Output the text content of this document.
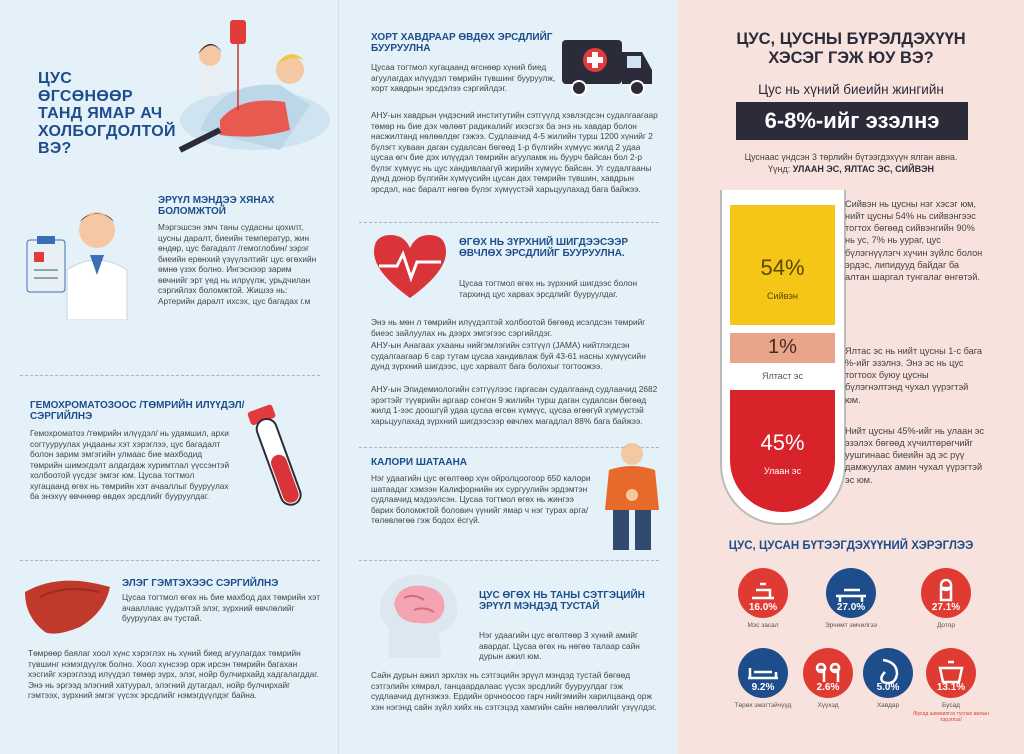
ЦУС ӨГСӨНӨӨР ТАНД ЯМАР АЧ ХОЛБОГДОЛТОЙ ВЭ?
ЭРҮҮЛ МЭНДЭЭ ХЯНАХ БОЛОМЖТОЙ
Мэргэшсэн эмч таны судасны цохилт, цусны даралт, биеийн температур, жин өндөр, цус багадалт /гемоглобин/ зэрэг биеийн ерөнхий үзүүлэлтийг цус өгөхийн өмнө үзэх болно. Ингэснээр зарим өвчнийг эрт үед нь илрүүлж, урьдчилан сэргийлэх боломжтой. Жишээ нь: Артерийн даралт ихсэх, цус багадах г.м
ГЕМОХРОМАТОЗООС /ТӨМРИЙН ИЛҮҮДЭЛ/ СЭРГИЙЛНЭ
Гемохроматоз /төмрийн илүүдэл/ нь удамшил, архи согтууруулах ундааны хэт хэрэглээ, цус багадалт болон зарим эмгэгийн улмаас бие махбодид төмрийн шимэгдэлт алдагдаж хуримтлал үүссэнтэй холбоотой үүсдэг эмгэг юм. Цусаа тогтмол хугацаанд өгөх нь төмрийн хэт ачааллыг бууруулах ба энэхүү өвчнөөр өвдөх эрсдлийг бууруулдаг.
ЭЛЭГ ГЭМТЭХЭЭС СЭРГИЙЛНЭ
Цусаа тогтмол өгөх нь бие махбод дах төмрийн хэт ачааллаас үүдэлтэй элэг, зүрхний өвчлөлийг бууруулах ач тустай.
Төмрөөр баялаг хоол хүнс хэрэглэх нь хүний биед агуулагдах төмрийн түвшинг нэмэгдүүлж болно. Хоол хүнсээр орж ирсэн төмрийн багахан хэсгийг хэрэглээд илүүдэл төмөр зүрх, элэг, нойр булчирхайд хадгалагддаг. Энэ нь эргээд элэгний хатуурал, элэгний дутагдал, нойр булчирхайг гэмтээх, зүрхний эмгэг үүсэх эрсдлийг нэмэгдүүлдэг байна.
ХОРТ ХАВДРААР ӨВДӨХ ЭРСДЛИЙГ БУУРУУЛНА
Цусаа тогтмол хугацаанд өгснөөр хүний биед агуулагдах илүүдэл төмрийн түвшинг бууруулж, хорт хавдрын эрсдэлээ сэргийлдэг.
АНУ-ын хавдрын үндэсний институтийн сэтгүүлд хэвлэгдсэн судалгаагаар төмөр нь бие дэх чөлөөт радикалийг ихэсгэх ба энэ нь хавдар болон насжилтанд нөлөөлдөг гэжээ. Судлаачид 4-5 жилийн турш 1200 хүнийг 2 бүлэгт хуваан даган судалсан бөгөөд 1-р бүлгийн хүмүүс жилд 2 удаа цусаа өгч бие дэх илүүдэл төмрийн агууламж нь буурч байсан бол 2-р бүлэг хүмүүс нь цус хандивлаагүй жирийн хүмүүс байсан. Уг судалгааны дүнд донор бүлгийн хүмүүсийн цусан дах төмрийн түвшин, хавдрын эрсдэл, нас баралт нөгөө бүлэг хүмүүстэй харьцуулахад бага байжээ.
ӨГӨХ НЬ ЗҮРХНИЙ ШИГДЭЭСЭЭР ӨВЧЛӨХ ЭРСДЛИЙГ БУУРУУЛНА.
Цусаа тогтмол өгөх нь зүрхний шигдээс болон тархинд цус харвах эрсдлийг бууруулдаг.
Энэ нь мөн л төмрийн илүүдэлтэй холбоотой бөгөөд исэлдсэн төмрийг биеэс зайлуулах нь дээрх эмгэгээс сэргийлдэг.
АНУ-ын Анагаах ухааны нийгэмлэгийн сэтгүүл (JAMA) нийтлэгдсэн судалгаагаар 6 сар тутам цусаа хандивлаж буй 43-61 насны хүмүүсийн дунд зүрхний шигдээс, цус харвалт бага болохыг тогтоожээ.
АНУ-ын Эпидемиологийн сэтгүүлээс гаргасан судалгаанд судлаачид 2682 эрэгтэйг түүврийн аргаар сонгон 9 жилийн турш даган судалсан бөгөөд жилд 1-ээс доошгүй удаа цусаа өгсөн хүмүүс, цусаа өгөөгүй хүмүүстэй харьцуулахад зүрхний шигдээсээр өвчлөх магадлал 88% бага байжээ.
КАЛОРИ ШАТААНА
Нэг удаагийн цус өгөлтөөр хүн ойролцоогоор 650 калори шатаадаг хэмээн Калифорнийн их сургуулийн эрдэмтэн судлаачид мэдээлсэн. Цусаа тогтмол өгөх нь жингээ барих боломжтой болович үүнийг ямар ч нэг турах арга/ төлөвлөгөө гэж бодох ёсгүй.
ЦУС ӨГӨХ НЬ ТАНЫ СЭТГЭЦИЙН ЭРҮҮЛ МЭНДЭД ТУСТАЙ
Нэг удаагийн цус өгөлтөөр 3 хүний амийг авардаг. Цусаа өгөх нь нөгөө талаар сайн дурын ажил юм.
Сайн дурын ажил эрхлэх нь сэтгэцийн эрүүл мэндэд тустай бөгөөд сэтгэлийн хямрал, ганцаардалаас үүсэх эрсдлийг бууруулдаг гэж судлаачид дүгнэжээ. Ердийн орчноосоо гарч нийгэмийн харилцаанд орж хэн нэгэнд сайн зүйл хийх нь сэтгэцэд хамгийн сайн нөлөөллийг үзүүлдэг.
ЦУС, ЦУСНЫ БҮРЭЛДЭХҮҮН ХЭСЭГ ГЭЖ ЮУ ВЭ?
Цус нь хүний биеийн жингийн
6-8%-ийг эзэлнэ
Цуснаас үндсэн 3 төрлийн бүтээгдэхүүн ялган авна.
Үүнд: УЛААН ЭС, ЯЛТАС ЭС, СИЙВЭН
54%
Сийвэн
1%
Ялтаст эс
45%
Улаан эс
Сийвэн нь цусны нэг хэсэг юм, нийт цусны 54% нь сийвэнгээс тогтох бөгөөд сийвэнгийн 90% нь ус, 7% нь уураг, цус бүлэгнүүлэгч хүчин зүйлс болон эрдэс, липидууд байдаг ба алтан шаргал тунгалаг өнгөтэй.
Ялтас эс нь нийт цусны 1-с бага %-ийг эзэлнэ. Энэ эс нь цус тогтоох буюу цусны бүлэгнэлтэнд чухал үүрэгтэй юм.
Нийт цусны 45%-ийг нь улаан эс эзэлэх бөгөөд хүчилтөрөгчийг уушгинаас биеийн эд эс рүү дамжуулах амин чухал үүрэгтэй эс юм.
ЦУС, ЦУСАН БҮТЭЭГДЭХҮҮНИЙ ХЭРЭГЛЭЭ
16.0%
Мэс засал
27.0%
Эрчимт эмчилгээ
27.1%
Дотор
9.2%
Төрөх эмэгтэйчүүд
2.6%
Хүүхэд
5.0%
Хавдар
13.1%
Бусад
/Бусад шинжилгээ туслах ажлын хэрэглээ/
